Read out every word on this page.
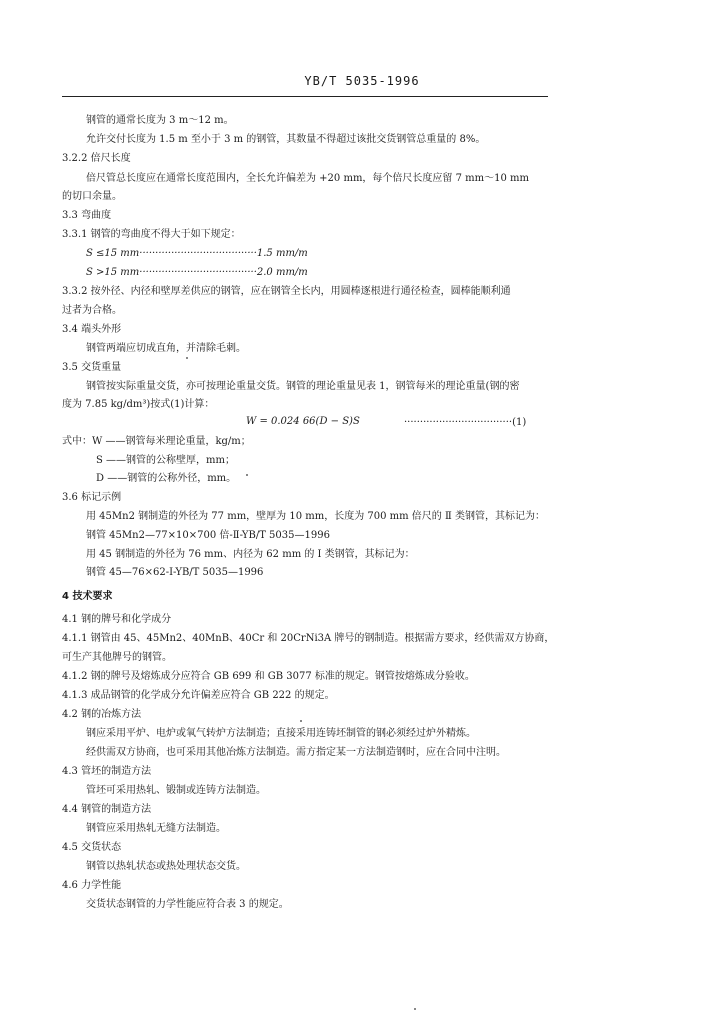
YB/T 5035-1996
钢管的通常长度为 3 m～12 m。
允许交付长度为 1.5 m 至小于 3 m 的钢管，其数量不得超过该批交货钢管总重量的 8%。
3.2.2 倍尺长度
倍尺管总长度应在通常长度范围内，全长允许偏差为 +20 mm，每个倍尺长度应留 7 mm～10 mm
的切口余量。
3.3 弯曲度
3.3.1 钢管的弯曲度不得大于如下规定：
S ≤15 mm·····································1.5 mm/m
S >15 mm·····································2.0 mm/m
3.3.2 按外径、内径和壁厚差供应的钢管，应在钢管全长内，用圆棒逐根进行通径检查，圆棒能顺利通
过者为合格。
3.4 端头外形
钢管两端应切成直角，并清除毛刺。
3.5 交货重量
钢管按实际重量交货，亦可按理论重量交货。钢管的理论重量见表 1，钢管每米的理论重量(钢的密
度为 7.85 kg/dm³)按式(1)计算：
W = 0.024 66(D − S)S	··································(1)
式中：W ——钢管每米理论重量，kg/m；
S ——钢管的公称壁厚，mm；
D ——钢管的公称外径，mm。
3.6 标记示例
用 45Mn2 钢制造的外径为 77 mm，壁厚为 10 mm，长度为 700 mm 倍尺的 Ⅱ 类钢管，其标记为：
钢管 45Mn2—77×10×700 倍-Ⅱ-YB/T 5035—1996
用 45 钢制造的外径为 76 mm、内径为 62 mm 的 Ⅰ 类钢管，其标记为：
钢管 45—76×62-Ⅰ-YB/T 5035—1996
4 技术要求
4.1 钢的牌号和化学成分
4.1.1 钢管由 45、45Mn2、40MnB、40Cr 和 20CrNi3A 牌号的钢制造。根据需方要求，经供需双方协商，
可生产其他牌号的钢管。
4.1.2 钢的牌号及熔炼成分应符合 GB 699 和 GB 3077 标准的规定。钢管按熔炼成分验收。
4.1.3 成品钢管的化学成分允许偏差应符合 GB 222 的规定。
4.2 钢的冶炼方法
钢应采用平炉、电炉或氧气转炉方法制造；直接采用连铸坯制管的钢必须经过炉外精炼。
经供需双方协商，也可采用其他冶炼方法制造。需方指定某一方法制造钢时，应在合同中注明。
4.3 管坯的制造方法
管坯可采用热轧、锻制或连铸方法制造。
4.4 钢管的制造方法
钢管应采用热轧无缝方法制造。
4.5 交货状态
钢管以热轧状态或热处理状态交货。
4.6 力学性能
交货状态钢管的力学性能应符合表 3 的规定。
